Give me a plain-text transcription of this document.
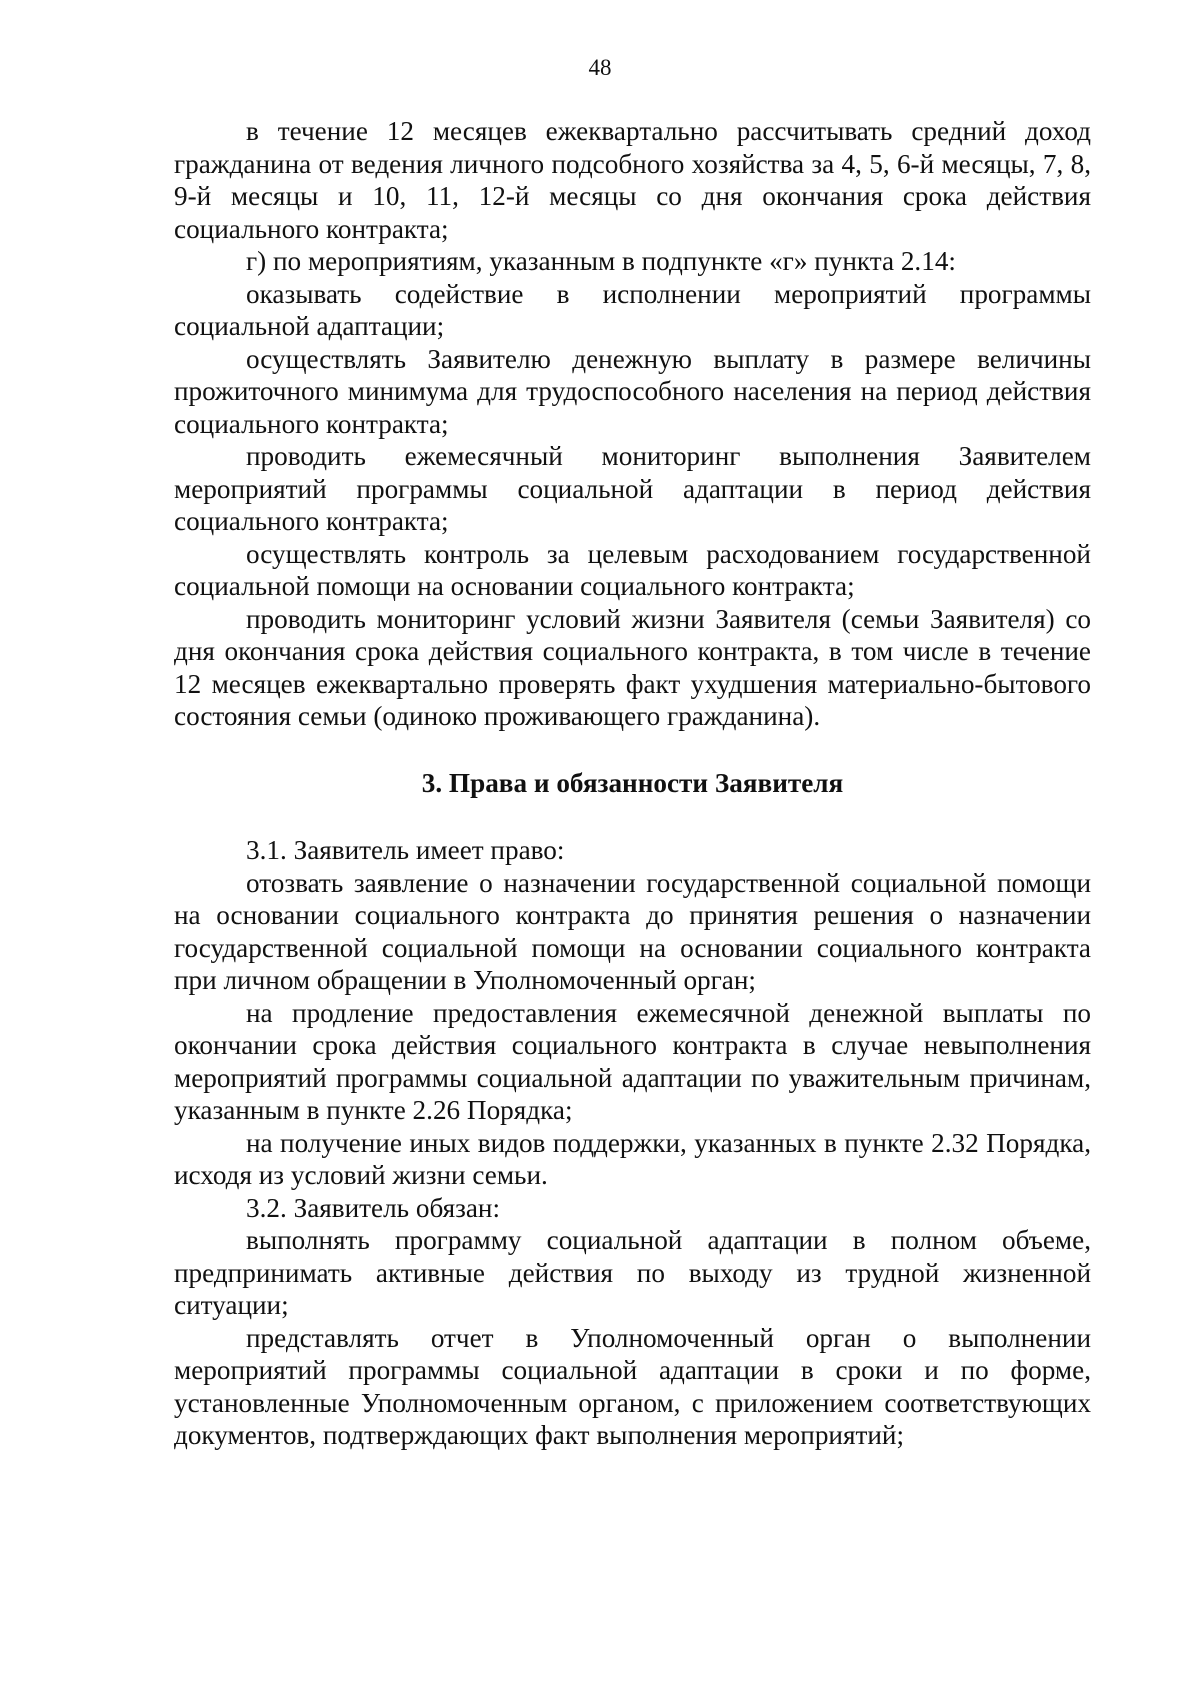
48

в течение 12 месяцев ежеквартально рассчитывать средний доход гражданина от ведения личного подсобного хозяйства за 4, 5, 6-й месяцы, 7, 8, 9-й месяцы и 10, 11, 12-й месяцы со дня окончания срока действия социального контракта;

г) по мероприятиям, указанным в подпункте «г» пункта 2.14:

оказывать содействие в исполнении мероприятий программы социальной адаптации;

осуществлять Заявителю денежную выплату в размере величины прожиточного минимума для трудоспособного населения на период действия социального контракта;

проводить ежемесячный мониторинг выполнения Заявителем мероприятий программы социальной адаптации в период действия социального контракта;

осуществлять контроль за целевым расходованием государственной социальной помощи на основании социального контракта;

проводить мониторинг условий жизни Заявителя (семьи Заявителя) со дня окончания срока действия социального контракта, в том числе в течение 12 месяцев ежеквартально проверять факт ухудшения материально-бытового состояния семьи (одиноко проживающего гражданина).

3. Права и обязанности Заявителя

3.1. Заявитель имеет право:

отозвать заявление о назначении государственной социальной помощи на основании социального контракта до принятия решения о назначении государственной социальной помощи на основании социального контракта при личном обращении в Уполномоченный орган;

на продление предоставления ежемесячной денежной выплаты по окончании срока действия социального контракта в случае невыполнения мероприятий программы социальной адаптации по уважительным причинам, указанным в пункте 2.26 Порядка;

на получение иных видов поддержки, указанных в пункте 2.32 Порядка, исходя из условий жизни семьи.

3.2. Заявитель обязан:

выполнять программу социальной адаптации в полном объеме, предпринимать активные действия по выходу из трудной жизненной ситуации;

представлять отчет в Уполномоченный орган о выполнении мероприятий программы социальной адаптации в сроки и по форме, установленные Уполномоченным органом, с приложением соответствующих документов, подтверждающих факт выполнения мероприятий;
